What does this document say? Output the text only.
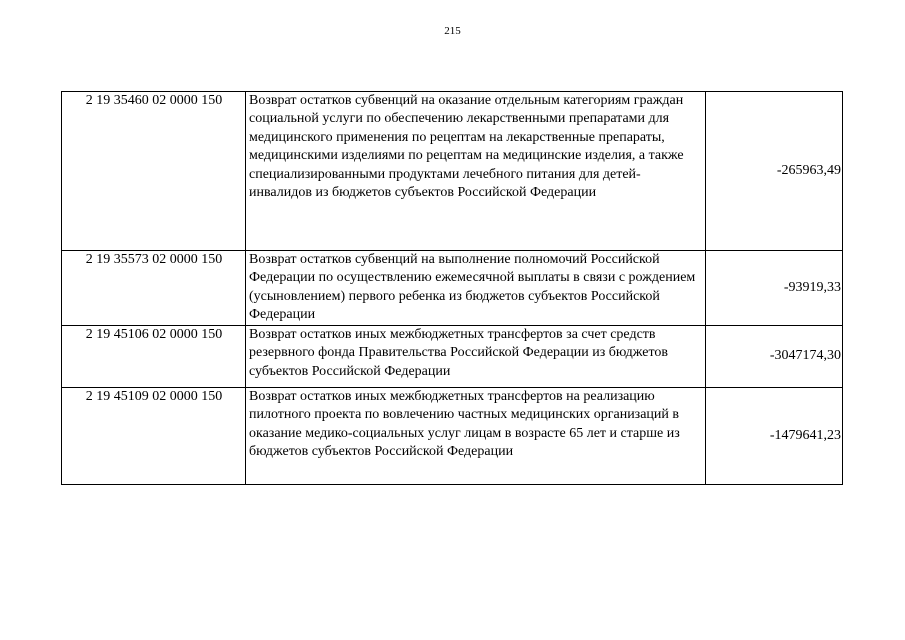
215
2 19 35460 02 0000 150	Возврат остатков субвенций на оказание отдельным категориям граждан социальной услуги по обеспечению лекарственными препаратами для медицинского применения по рецептам на лекарственные препараты, медицинскими изделиями по рецептам на медицинские изделия, а также специализированными продуктами лечебного питания для детей-инвалидов из бюджетов субъектов Российской Федерации	-265963,49
2 19 35573 02 0000 150	Возврат остатков субвенций на выполнение полномочий Российской Федерации по осуществлению ежемесячной выплаты в связи с рождением (усыновлением) первого ребенка из бюджетов субъектов Российской Федерации	-93919,33
2 19 45106 02 0000 150	Возврат остатков иных межбюджетных трансфертов за счет средств резервного фонда Правительства Российской Федерации из бюджетов субъектов Российской Федерации	-3047174,30
2 19 45109 02 0000 150	Возврат остатков иных межбюджетных трансфертов на реализацию пилотного проекта по вовлечению частных медицинских организаций в оказание медико-социальных услуг лицам в возрасте 65 лет и старше из бюджетов субъектов Российской Федерации	-1479641,23
